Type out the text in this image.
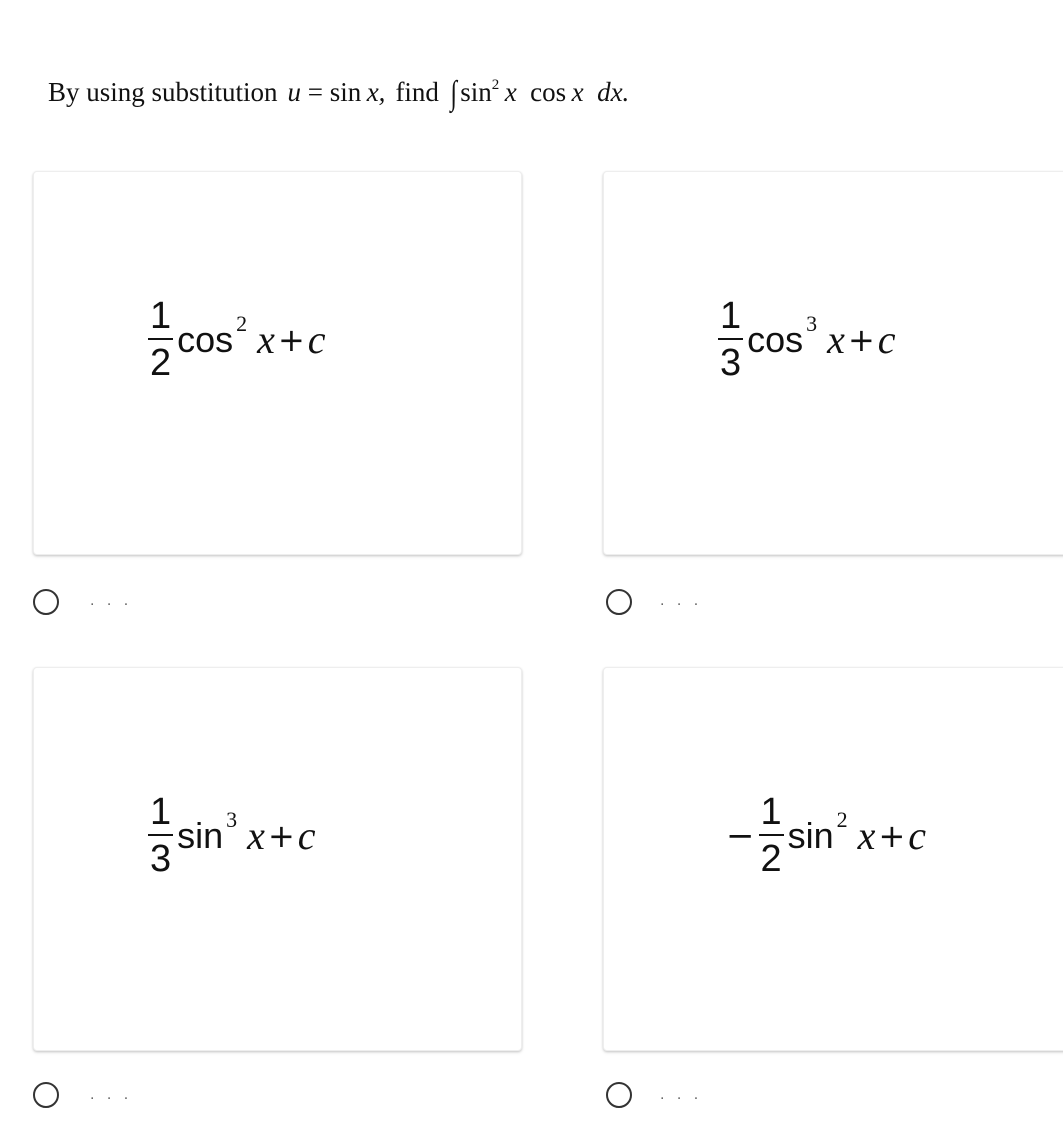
By using substitution u = sin  x, find ∫ $\sin^2 x$  cos  x  dx.
$\frac{1}{2}$ cos 2 x + c
. . .
$\frac{1}{3}$ cos 3 x + c
. . .
$\frac{1}{3}$ sin 3 x + c
. . .
− $\frac{1}{2}$ sin 2 x + c
. . .
